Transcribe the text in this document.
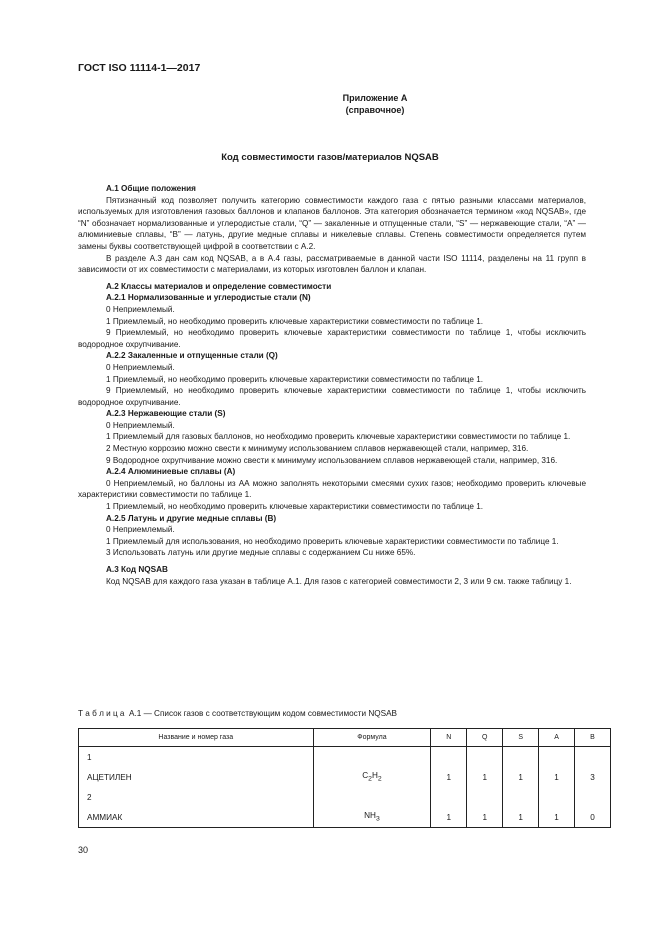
ГОСТ ISO 11114-1—2017
Приложение А
(справочное)
Код совместимости газов/материалов NQSAB
А.1 Общие положения

Пятизначный код позволяет получить категорию совместимости каждого газа с пятью разными классами материалов, используемых для изготовления газовых баллонов и клапанов баллонов. Эта категория обозначается термином «код NQSAB», где “N” обозначает нормализованные и углеродистые стали, “Q” — закаленные и отпущенные стали, “S” — нержавеющие стали, “A” — алюминиевые сплавы, “B” — латунь, другие медные сплавы и никелевые сплавы. Степень совместимости определяется путем замены буквы соответствующей цифрой в соответствии с А.2.

В разделе А.3 дан сам код NQSAB, а в А.4 газы, рассматриваемые в данной части ISO 11114, разделены на 11 групп в зависимости от их совместимости с материалами, из которых изготовлен баллон и клапан.

А.2 Классы материалов и определение совместимости
А.2.1 Нормализованные и углеродистые стали (N)

0 Неприемлемый.

1 Приемлемый, но необходимо проверить ключевые характеристики совместимости по таблице 1.

9 Приемлемый, но необходимо проверить ключевые характеристики совместимости по таблице 1, чтобы исключить водородное охрупчивание.

А.2.2 Закаленные и отпущенные стали (Q)

0 Неприемлемый.

1 Приемлемый, но необходимо проверить ключевые характеристики совместимости по таблице 1.

9 Приемлемый, но необходимо проверить ключевые характеристики совместимости по таблице 1, чтобы исключить водородное охрупчивание.

А.2.3 Нержавеющие стали (S)

0 Неприемлемый.

1 Приемлемый для газовых баллонов, но необходимо проверить ключевые характеристики совместимости по таблице 1.

2 Местную коррозию можно свести к минимуму использованием сплавов нержавеющей стали, например, 316.

9 Водородное охрупчивание можно свести к минимуму использованием сплавов нержавеющей стали, например, 316.

А.2.4 Алюминиевые сплавы (А)

0 Неприемлемый, но баллоны из АА можно заполнять некоторыми смесями сухих газов; необходимо проверить ключевые характеристики совместимости по таблице 1.

1 Приемлемый, но необходимо проверить ключевые характеристики совместимости по таблице 1.

А.2.5 Латунь и другие медные сплавы (В)

0 Неприемлемый.

1 Приемлемый для использования, но необходимо проверить ключевые характеристики совместимости по таблице 1.

3 Использовать латунь или другие медные сплавы с содержанием Cu ниже 65%.

А.3 Код NQSAB

Код NQSAB для каждого газа указан в таблице А.1. Для газов с категорией совместимости 2, 3 или 9 см. также таблицу 1.

Т а б л и ц а  А.1 — Список газов с соответствующим кодом совместимости NQSAB
Название и номер газа	Формула	N	Q	S	A	B
1						
АЦЕТИЛЕН	$C_2H_2$	1	1	1	1	3
2						
АММИАК	$NH_3$	1	1	1	1	0
30
